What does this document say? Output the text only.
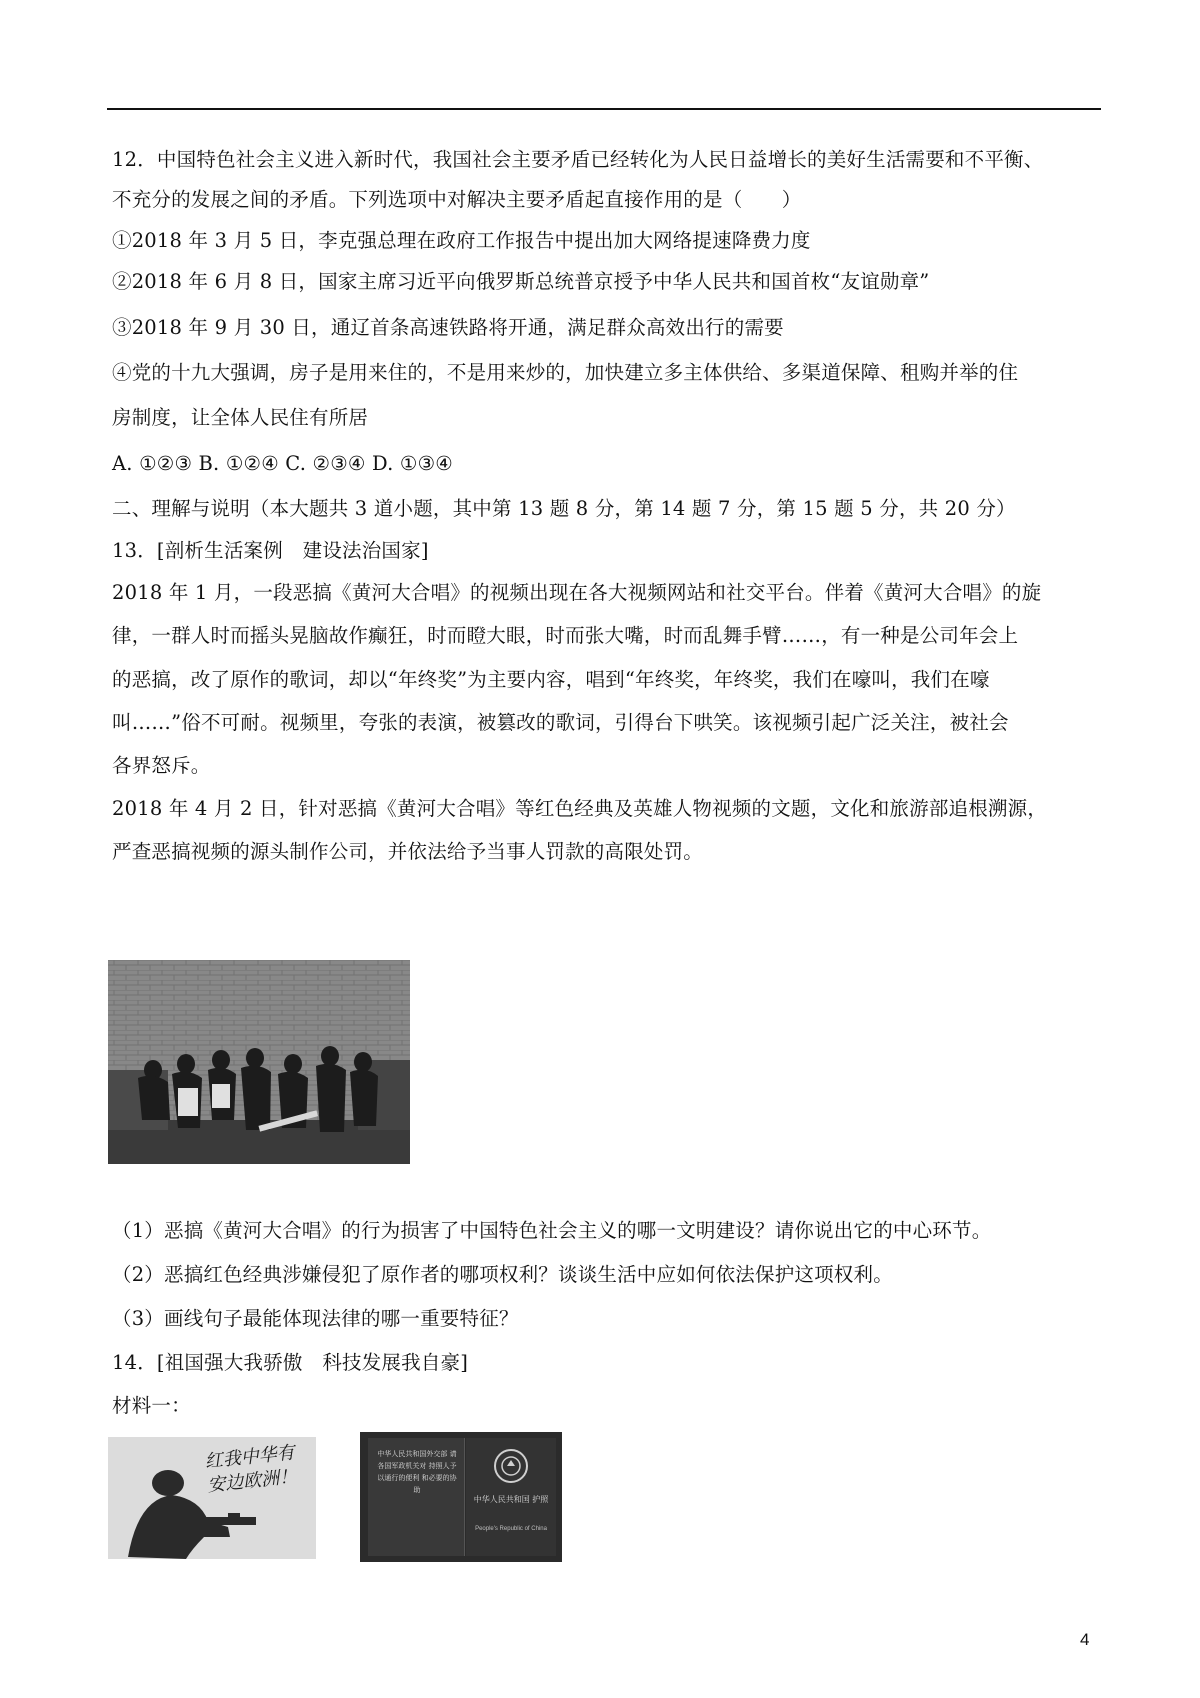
12．中国特色社会主义进入新时代，我国社会主要矛盾已经转化为人民日益增长的美好生活需要和不平衡、
不充分的发展之间的矛盾。下列选项中对解决主要矛盾起直接作用的是（　　）
①2018 年 3 月 5 日，李克强总理在政府工作报告中提出加大网络提速降费力度
②2018 年 6 月 8 日，国家主席习近平向俄罗斯总统普京授予中华人民共和国首枚“友谊勋章”
③2018 年 9 月 30 日，通辽首条高速铁路将开通，满足群众高效出行的需要
④党的十九大强调，房子是用来住的，不是用来炒的，加快建立多主体供给、多渠道保障、租购并举的住
房制度，让全体人民住有所居
A. ①②③ B. ①②④ C. ②③④ D. ①③④
二、理解与说明（本大题共 3 道小题，其中第 13 题 8 分，第 14 题 7 分，第 15 题 5 分，共 20 分）
13．[剖析生活案例　建设法治国家]
2018 年 1 月，一段恶搞《黄河大合唱》的视频出现在各大视频网站和社交平台。伴着《黄河大合唱》的旋
律，一群人时而摇头晃脑故作癫狂，时而瞪大眼，时而张大嘴，时而乱舞手臂……，有一种是公司年会上
的恶搞，改了原作的歌词，却以“年终奖”为主要内容，唱到“年终奖，年终奖，我们在嚎叫，我们在嚎
叫……”俗不可耐。视频里，夸张的表演，被篡改的歌词，引得台下哄笑。该视频引起广泛关注，被社会
各界怒斥。
2018 年 4 月 2 日，针对恶搞《黄河大合唱》等红色经典及英雄人物视频的文题，文化和旅游部追根溯源，
严查恶搞视频的源头制作公司，并依法给予当事人罚款的高限处罚。
（1）恶搞《黄河大合唱》的行为损害了中国特色社会主义的哪一文明建设？请你说出它的中心环节。
（2）恶搞红色经典涉嫌侵犯了原作者的哪项权利？谈谈生活中应如何依法保护这项权利。
（3）画线句子最能体现法律的哪一重要特征？
14．[祖国强大我骄傲　科技发展我自豪]
材料一：
红我中华有 安边欧洲！
中华人民共和国外交部 请各国军政机关对 持照人予以通行的便利 和必要的协助
中华人民共和国 护照
People's Republic of China
4
